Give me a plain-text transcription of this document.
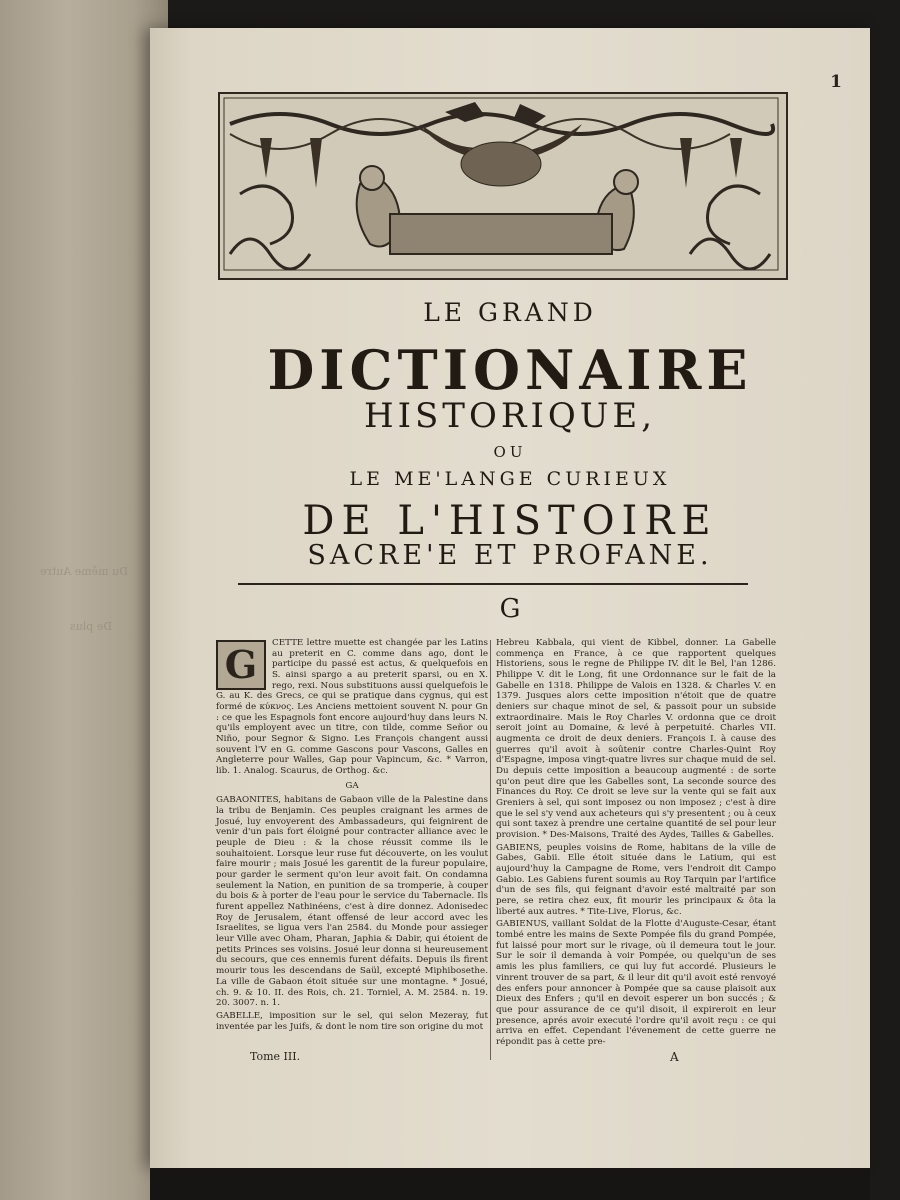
Du même Autre
De plus
1
LE GRAND
DICTIONAIRE
HISTORIQUE,
OU
LE ME'LANGE CURIEUX
DE L'HISTOIRE
SACRE'E ET PROFANE.
G
G	CETTE lettre muette est changée par les Latins au preterit en C. comme dans ago, dont le participe du passé est actus, & quelquefois en S. ainsi spargo a au preterit sparsi, ou en X. rego, rexi. Nous substituons aussi quelquefois le G. au K. des Grecs, ce qui se pratique dans cygnus, qui est formé de κύκνος. Les Anciens mettoient souvent N. pour Gn : ce que les Espagnols font encore aujourd'huy dans leurs N. qu'ils employent avec un titre, con tilde, comme Señor ou Niño, pour Segnor & Signo. Les François changent aussi souvent l'V en G. comme Gascons pour Vascons, Galles en Angleterre pour Walles, Gap pour Vapincum, &c. * Varron, lib. 1. Analog. Scaurus, de Orthog. &c.

GA

GABAONITES, habitans de Gabaon ville de la Palestine dans la tribu de Benjamin. Ces peuples craignant les armes de Josué, luy envoyerent des Ambassadeurs, qui feignirent de venir d'un pais fort éloigné pour contracter alliance avec le peuple de Dieu : & la chose réussit comme ils le souhaitoient. Lorsque leur ruse fut découverte, on les voulut faire mourir ; mais Josué les garentit de la fureur populaire, pour garder le serment qu'on leur avoit fait. On condamna seulement la Nation, en punition de sa tromperie, à couper du bois & à porter de l'eau pour le service du Tabernacle. Ils furent appellez Nathinéens, c'est à dire donnez. Adonisedec Roy de Jerusalem, étant offensé de leur accord avec les Israelites, se ligua vers l'an 2584. du Monde pour assieger leur Ville avec Oham, Pharan, Japhia & Dabir, qui étoient de petits Princes ses voisins. Josué leur donna si heureusement du secours, que ces ennemis furent défaits. Depuis ils firent mourir tous les descendans de Saül, excepté Miphibosethe. La ville de Gabaon étoit située sur une montagne. * Josué, ch. 9. & 10. II. des Rois, ch. 21. Torniel, A. M. 2584. n. 19. 20. 3007. n. 1.

GABELLE, imposition sur le sel, qui selon Mezeray, fut inventée par les Juifs, & dont le nom tire son origine du mot

Hebreu Kabbala, qui vient de Kibbel, donner. La Gabelle commença en France, à ce que rapportent quelques Historiens, sous le regne de Philippe IV. dit le Bel, l'an 1286. Philippe V. dit le Long, fit une Ordonnance sur le fait de la Gabelle en 1318. Philippe de Valois en 1328. & Charles V. en 1379. Jusques alors cette imposition n'étoit que de quatre deniers sur chaque minot de sel, & passoit pour un subside extraordinaire. Mais le Roy Charles V. ordonna que ce droit seroit joint au Domaine, & levé à perpetuité. Charles VII. augmenta ce droit de deux deniers. François I. à cause des guerres qu'il avoit à soûtenir contre Charles-Quint Roy d'Espagne, imposa vingt-quatre livres sur chaque muid de sel. Du depuis cette imposition a beaucoup augmenté : de sorte qu'on peut dire que les Gabelles sont, La seconde source des Finances du Roy. Ce droit se leve sur la vente qui se fait aux Greniers à sel, qui sont imposez ou non imposez ; c'est à dire que le sel s'y vend aux acheteurs qui s'y presentent ; ou à ceux qui sont taxez à prendre une certaine quantité de sel pour leur provision. * Des-Maisons, Traité des Aydes, Tailles & Gabelles.

GABIENS, peuples voisins de Rome, habitans de la ville de Gabes, Gabii. Elle étoit située dans le Latium, qui est aujourd'huy la Campagne de Rome, vers l'endroit dit Campo Gabio. Les Gabiens furent soumis au Roy Tarquin par l'artifice d'un de ses fils, qui feignant d'avoir esté maltraité par son pere, se retira chez eux, fit mourir les principaux & ôta la liberté aux autres. * Tite-Live, Florus, &c.

GABIENUS, vaillant Soldat de la Flotte d'Auguste-Cesar, étant tombé entre les mains de Sexte Pompée fils du grand Pompée, fut laissé pour mort sur le rivage, où il demeura tout le jour. Sur le soir il demanda à voir Pompée, ou quelqu'un de ses amis les plus familiers, ce qui luy fut accordé. Plusieurs le vinrent trouver de sa part, & il leur dit qu'il avoit esté renvoyé des enfers pour annoncer à Pompée que sa cause plaisoit aux Dieux des Enfers ; qu'il en devoit esperer un bon succés ; & que pour assurance de ce qu'il disoit, il expireroit en leur presence, aprés avoir executé l'ordre qu'il avoit reçu : ce qui arriva en effet. Cependant l'évenement de cette guerre ne répondit pas à cette pre-

Tome III.	A
